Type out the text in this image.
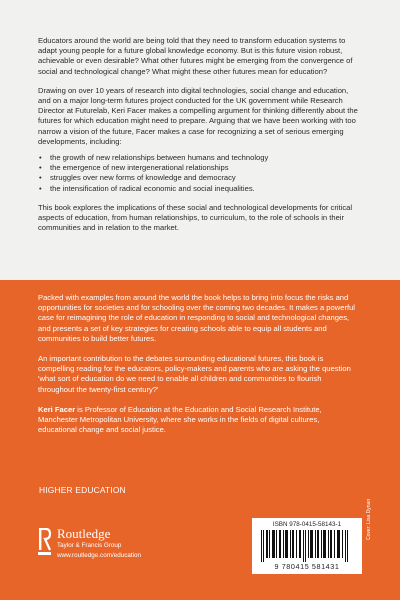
Educators around the world are being told that they need to transform education systems to adapt young people for a future global knowledge economy. But is this future vision robust, achievable or even desirable? What other futures might be emerging from the convergence of social and technological change? What might these other futures mean for education?

Drawing on over 10 years of research into digital technologies, social change and education, and on a major long-term futures project conducted for the UK government while Research Director at Futurelab, Keri Facer makes a compelling argument for thinking differently about the futures for which education might need to prepare. Arguing that we have been working with too narrow a vision of the future, Facer makes a case for recognizing a set of serious emerging developments, including:

• the growth of new relationships between humans and technology
• the emergence of new intergenerational relationships
• struggles over new forms of knowledge and democracy
• the intensification of radical economic and social inequalities.

This book explores the implications of these social and technological developments for critical aspects of education, from human relationships, to curriculum, to the role of schools in their communities and in relation to the market.

Packed with examples from around the world the book helps to bring into focus the risks and opportunities for societies and for schooling over the coming two decades. It makes a powerful case for reimagining the role of education in responding to social and technological changes, and presents a set of key strategies for creating schools able to equip all students and communities to build better futures.

An important contribution to the debates surrounding educational futures, this book is compelling reading for the educators, policy-makers and parents who are asking the question 'what sort of education do we need to enable all children and communities to flourish throughout the twenty-first century?'

Keri Facer is Professor of Education at the Education and Social Research Institute, Manchester Metropolitan University, where she works in the fields of digital cultures, educational change and social justice.

HIGHER EDUCATION
Routledge
Taylor & Francis Group
www.routledge.com/education
ISBN 978-0415-58143-1
9 780415 581431
Cover: Lisa Dynan
